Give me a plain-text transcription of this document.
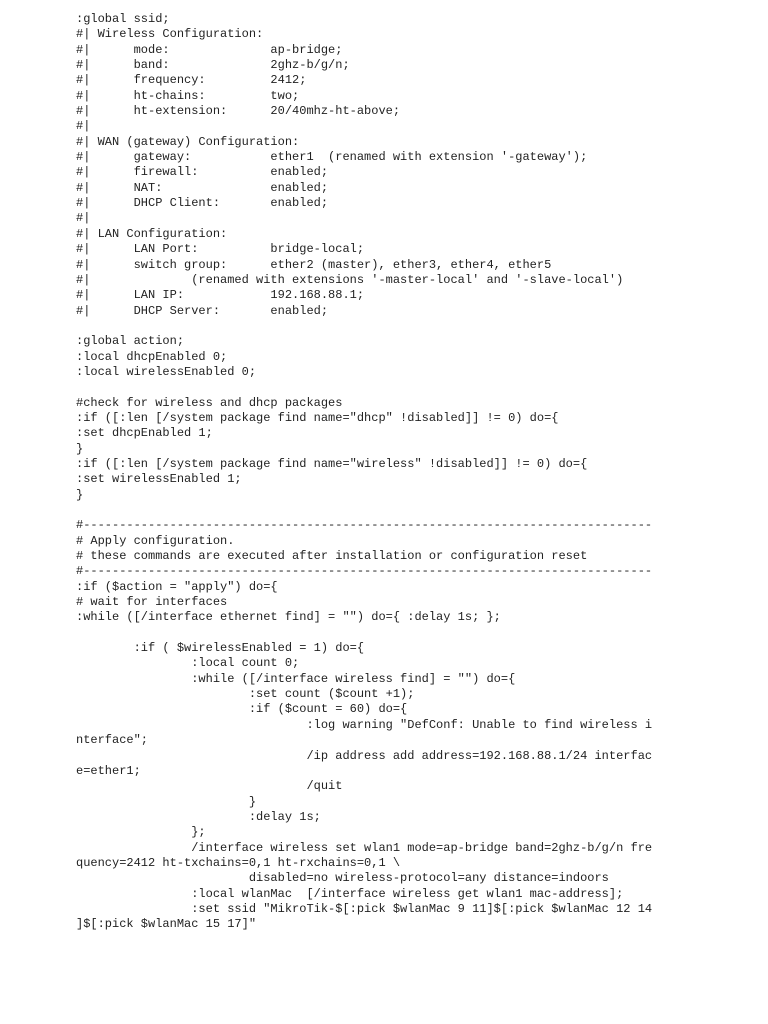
:global ssid;
#| Wireless Configuration:
#|      mode:              ap-bridge;
#|      band:              2ghz-b/g/n;
#|      frequency:         2412;
#|      ht-chains:         two;
#|      ht-extension:      20/40mhz-ht-above;
#|
#| WAN (gateway) Configuration:
#|      gateway:           ether1  (renamed with extension '-gateway');
#|      firewall:          enabled;
#|      NAT:               enabled;
#|      DHCP Client:       enabled;
#|
#| LAN Configuration:
#|      LAN Port:          bridge-local;
#|      switch group:      ether2 (master), ether3, ether4, ether5
#|              (renamed with extensions '-master-local' and '-slave-local')
#|      LAN IP:            192.168.88.1;
#|      DHCP Server:       enabled;
:global action;
:local dhcpEnabled 0;
:local wirelessEnabled 0;
#check for wireless and dhcp packages
:if ([:len [/system package find name="dhcp" !disabled]] != 0) do={
:set dhcpEnabled 1;
}
:if ([:len [/system package find name="wireless" !disabled]] != 0) do={
:set wirelessEnabled 1;
}
#-------------------------------------------------------------------------------
# Apply configuration.
# these commands are executed after installation or configuration reset
#-------------------------------------------------------------------------------
:if ($action = "apply") do={
# wait for interfaces
:while ([/interface ethernet find] = "") do={ :delay 1s; };
:if ( $wirelessEnabled = 1) do={
:local count 0;
:while ([/interface wireless find] = "") do={
:set count ($count +1);
:if ($count = 60) do={
:log warning "DefConf: Unable to find wireless i
nterface";
/ip address add address=192.168.88.1/24 interfac
e=ether1;
/quit
}
:delay 1s;
};
/interface wireless set wlan1 mode=ap-bridge band=2ghz-b/g/n fre
quency=2412 ht-txchains=0,1 ht-rxchains=0,1 \
disabled=no wireless-protocol=any distance=indoors
:local wlanMac  [/interface wireless get wlan1 mac-address];
:set ssid "MikroTik-$[:pick $wlanMac 9 11]$[:pick $wlanMac 12 14
]$[:pick $wlanMac 15 17]"
